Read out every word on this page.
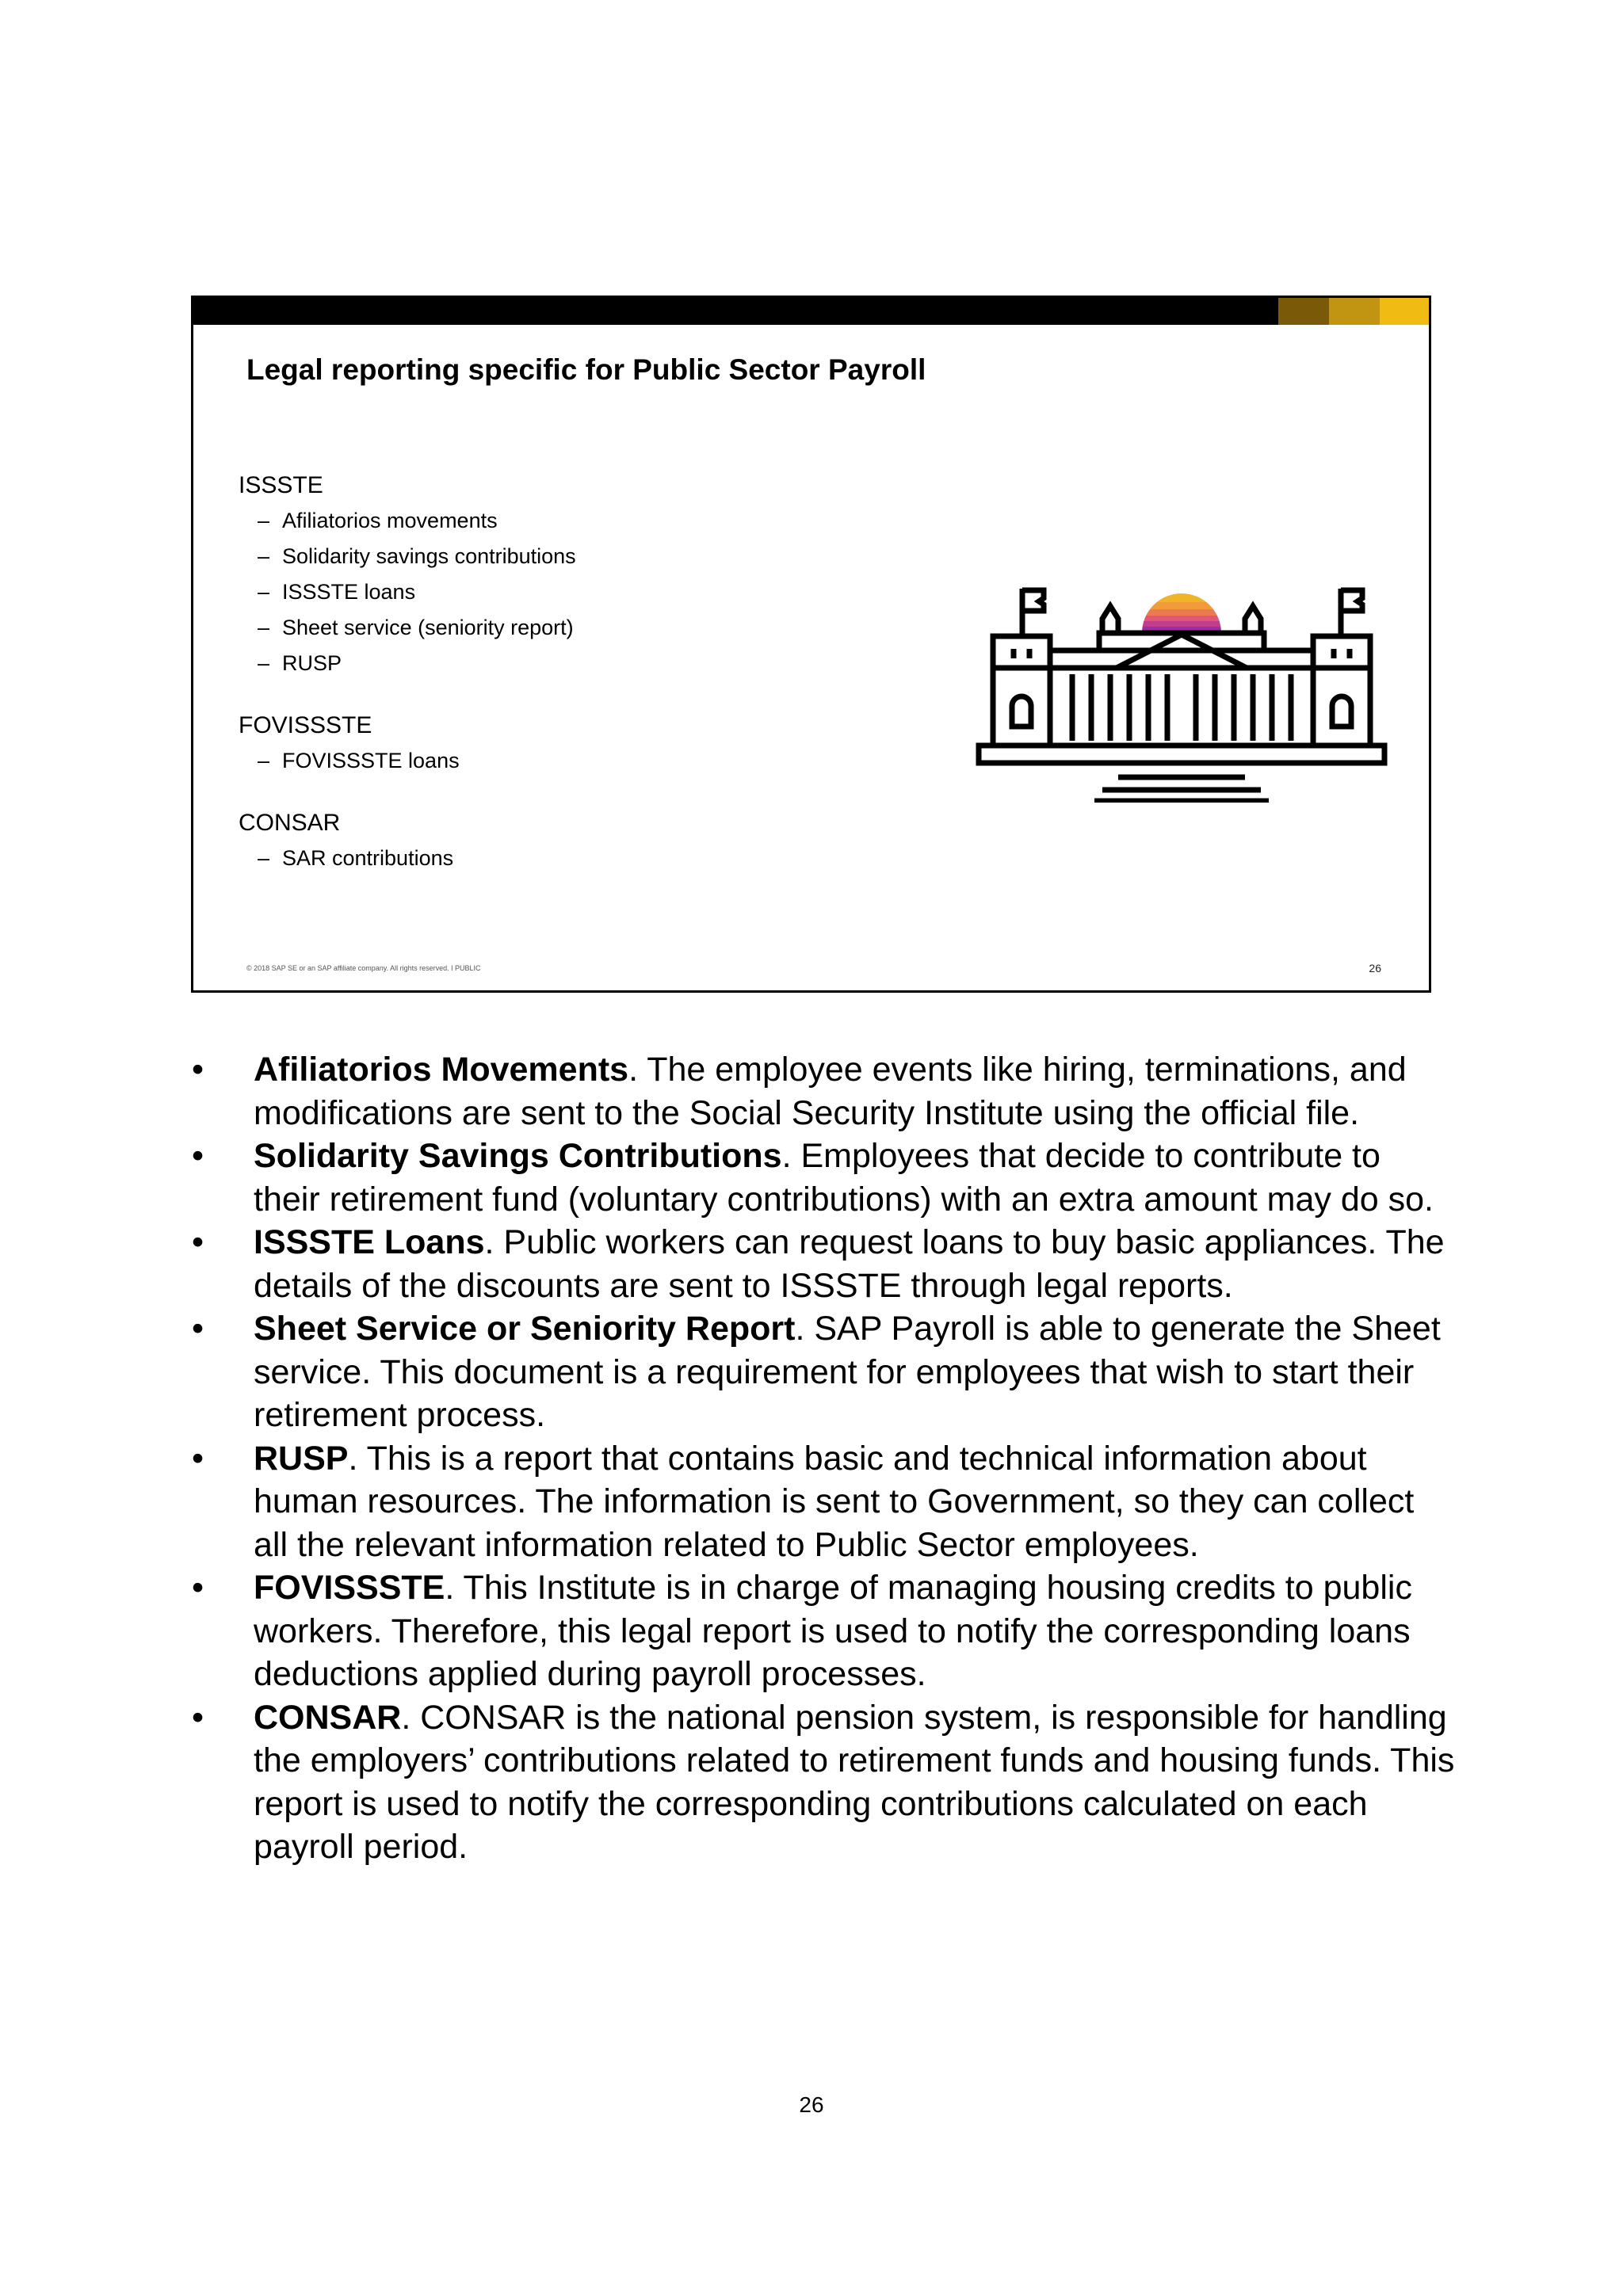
Legal reporting specific for Public Sector Payroll
ISSSTE
– Afiliatorios movements
– Solidarity savings contributions
– ISSSTE loans
– Sheet service (seniority report)
– RUSP
FOVISSSTE
– FOVISSSTE loans
CONSAR
– SAR contributions
© 2018 SAP SE or an SAP affiliate company. All rights reserved. ǀ PUBLIC	26
• Afiliatorios Movements. The employee events like hiring, terminations, and modifications are sent to the Social Security Institute using the official file.
• Solidarity Savings Contributions. Employees that decide to contribute to their retirement fund (voluntary contributions) with an extra amount may do so.
• ISSSTE Loans. Public workers can request loans to buy basic appliances. The details of the discounts are sent to ISSSTE through legal reports.
• Sheet Service or Seniority Report. SAP Payroll is able to generate the Sheet service. This document is a requirement for employees that wish to start their retirement process.
• RUSP. This is a report that contains basic and technical information about human resources. The information is sent to Government, so they can collect all the relevant information related to Public Sector employees.
• FOVISSSTE. This Institute is in charge of managing housing credits to public workers. Therefore, this legal report is used to notify the corresponding loans deductions applied during payroll processes.
• CONSAR. CONSAR is the national pension system, is responsible for handling the employers’ contributions related to retirement funds and housing funds. This report is used to notify the corresponding contributions calculated on each payroll period.
26
